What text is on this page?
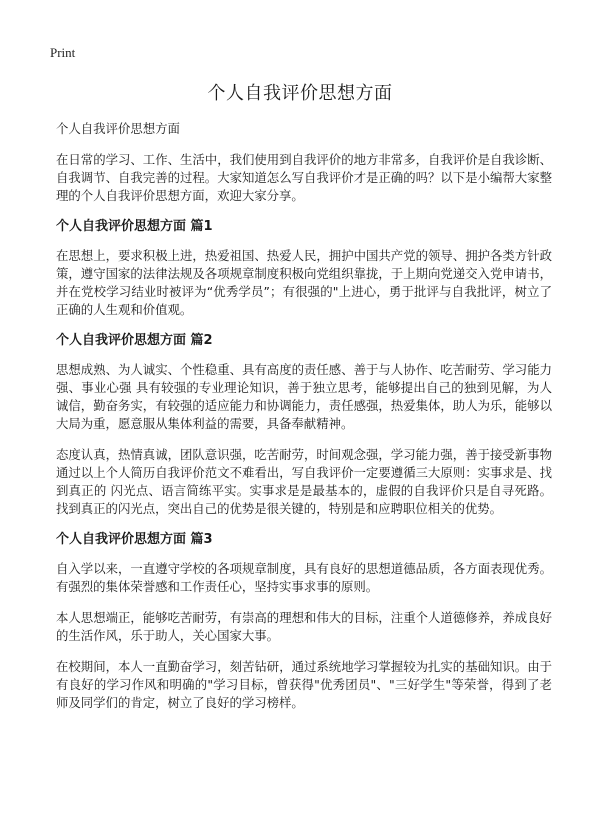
Print
个人自我评价思想方面

个人自我评价思想方面

在日常的学习、工作、生活中，我们使用到自我评价的地方非常多，自我评价是自我诊断、自我调节、自我完善的过程。大家知道怎么写自我评价才是正确的吗？以下是小编帮大家整理的个人自我评价思想方面，欢迎大家分享。

个人自我评价思想方面 篇1

在思想上，要求积极上进，热爱祖国、热爱人民，拥护中国共产党的领导、拥护各类方针政策，遵守国家的法律法规及各项规章制度积极向党组织靠拢，于上期向党递交入党申请书，并在党校学习结业时被评为“优秀学员”；有很强的"上进心，勇于批评与自我批评，树立了正确的人生观和价值观。

个人自我评价思想方面 篇2

思想成熟、为人诚实、个性稳重、具有高度的责任感、善于与人协作、吃苦耐劳、学习能力强、事业心强 具有较强的专业理论知识，善于独立思考，能够提出自己的独到见解，为人诚信，勤奋务实，有较强的适应能力和协调能力，责任感强，热爱集体，助人为乐，能够以大局为重，愿意服从集体利益的需要，具备奉献精神。

态度认真，热情真诚，团队意识强，吃苦耐劳，时间观念强，学习能力强，善于接受新事物 通过以上个人简历自我评价范文不难看出，写自我评价一定要遵循三大原则：实事求是、找到真正的 闪光点、语言简练平实。实事求是是最基本的，虚假的自我评价只是自寻死路。找到真正的闪光点，突出自己的优势是很关键的，特别是和应聘职位相关的优势。

个人自我评价思想方面 篇3

自入学以来，一直遵守学校的各项规章制度，具有良好的思想道德品质，各方面表现优秀。有强烈的集体荣誉感和工作责任心，坚持实事求事的原则。

本人思想端正，能够吃苦耐劳，有崇高的理想和伟大的目标，注重个人道德修养，养成良好的生活作风，乐于助人，关心国家大事。

在校期间，本人一直勤奋学习，刻苦钻研，通过系统地学习掌握较为扎实的基础知识。由于有良好的学习作风和明确的"学习目标，曾获得"优秀团员"、"三好学生"等荣誉，得到了老师及同学们的肯定，树立了良好的学习榜样。
